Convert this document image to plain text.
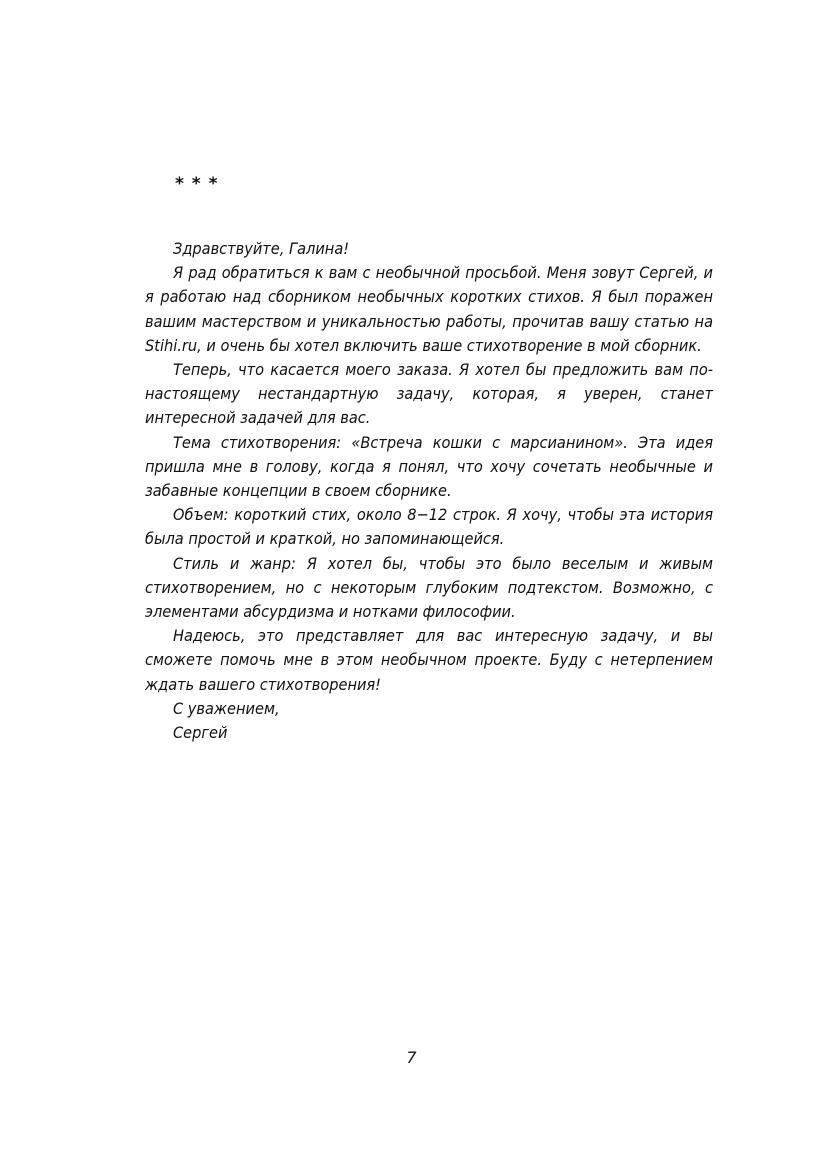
* * *

Здравствуйте, Галина!

Я рад обратиться к вам с необычной просьбой. Меня зовут Сергей, и я работаю над сборником необычных коротких стихов. Я был поражен вашим мастерством и уникальностью работы, прочитав вашу статью на Stihi.ru, и очень бы хотел включить ваше стихотворение в мой сборник.

Теперь, что касается моего заказа. Я хотел бы предложить вам по-настоящему нестандартную задачу, которая, я уверен, станет интересной задачей для вас.

Тема стихотворения: «Встреча кошки с марсианином». Эта идея пришла мне в голову, когда я понял, что хочу сочетать необычные и забавные концепции в своем сборнике.

Объем: короткий стих, около 8−12 строк. Я хочу, чтобы эта история была простой и краткой, но запоминающейся.

Стиль и жанр: Я хотел бы, чтобы это было веселым и живым стихотворением, но с некоторым глубоким подтекстом. Возможно, с элементами абсурдизма и нотками философии.

Надеюсь, это представляет для вас интересную задачу, и вы сможете помочь мне в этом необычном проекте. Буду с нетерпением ждать вашего стихотворения!

С уважением,

Сергей

7
